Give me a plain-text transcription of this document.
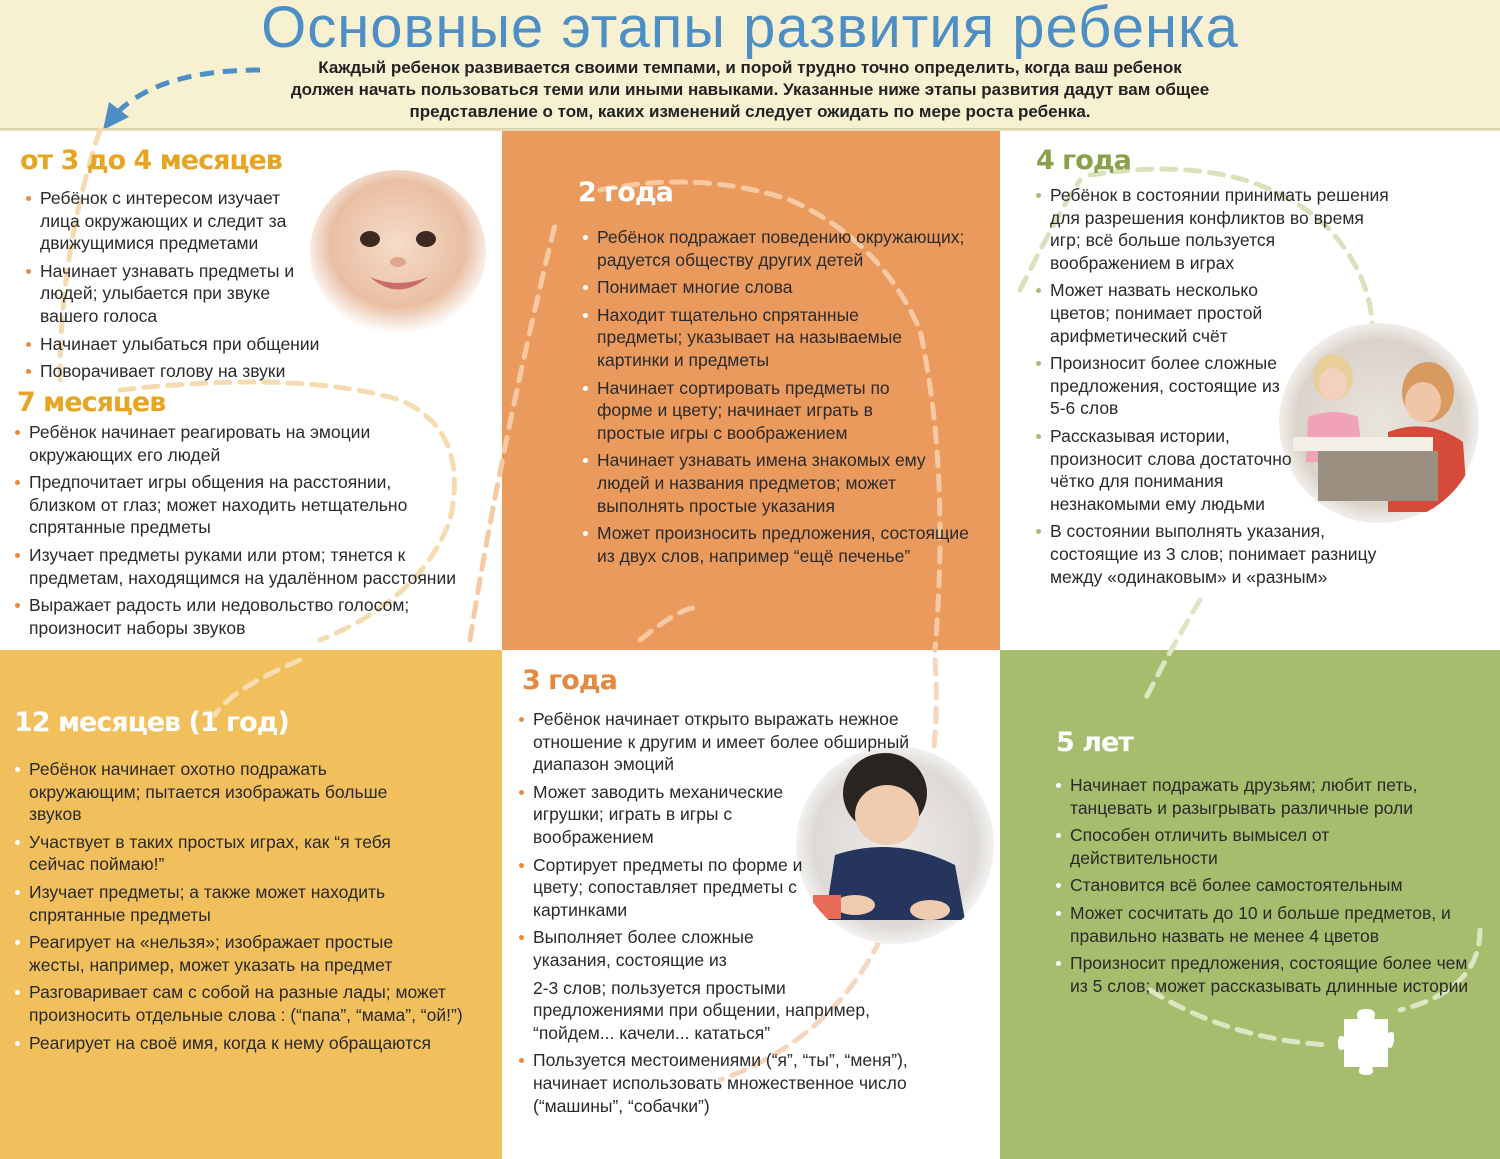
Основные этапы развития ребенка
Каждый ребенок развивается своими темпами, и порой трудно точно определить, когда ваш ребенок
должен начать пользоваться теми или иными навыками. Указанные ниже этапы развития дадут вам общее
представление о том, каких изменений следует ожидать по мере роста ребенка.
от 3 до 4 месяцев
7 месяцев
2 года
4 года
12 месяцев (1 год)
3 года
5 лет
Ребёнок с интересом изучает лица окружающих и следит за движущимися предметами
Начинает узнавать предметы и людей; улыбается при звуке вашего голоса
Начинает улыбаться при общении
Поворачивает голову на звуки
Ребёнок начинает реагировать на эмоции окружающих его людей
Предпочитает игры общения на расстоянии, близком от глаз; может находить нетщательно спрятанные предметы
Изучает предметы руками или ртом; тянется к предметам, находящимся на удалённом расстоянии
Выражает радость или недовольство голосом; произносит наборы звуков
Ребёнок подражает поведению окружающих; радуется обществу других детей
Понимает многие слова
Находит тщательно спрятанные предметы; указывает на называемые картинки и предметы
Начинает сортировать предметы по форме и цвету; начинает играть в простые игры с воображением
Начинает узнавать имена знакомых ему людей и названия предметов; может выполнять простые указания
Может произносить предложения, состоящие из двух слов, например “ещё печенье”
Ребёнок в состоянии принимать решения для разрешения конфликтов во время игр; всё больше пользуется воображением в играх
Может назвать несколько цветов; понимает простой арифметический счёт
Произносит более сложные предложения, состоящие из 5-6 слов
Рассказывая истории, произносит слова достаточно чётко для понимания незнакомыми ему людьми
В состоянии выполнять указания, состоящие из 3 слов; понимает разницу между «одинаковым» и «разным»
Ребёнок начинает охотно подражать окружающим; пытается изображать больше звуков
Участвует в таких простых играх, как “я тебя сейчас поймаю!”
Изучает предметы; а также может находить спрятанные предметы
Реагирует на «нельзя»; изображает простые жесты, например, может указать на предмет
Разговаривает сам с собой на разные лады; может произносить отдельные слова : (“папа”, “мама”, “ой!”)
Реагирует на своё имя, когда к нему обращаются
Ребёнок начинает открыто выражать нежное отношение к другим и имеет более обширный диапазон эмоций
Может заводить механические игрушки; играть в игры с воображением
Сортирует предметы по форме и цвету; сопоставляет предметы с картинками
Выполняет более сложные указания, состоящие из
2-3 слов; пользуется простыми предложениями при общении, например, “пойдем... качели... кататься”
Пользуется местоимениями (“я”, “ты”, “меня”), начинает использовать множественное число (“машины”, “собачки”)
Начинает подражать друзьям; любит петь, танцевать и разыгрывать различные роли
Способен отличить вымысел от действительности
Становится всё более самостоятельным
Может сосчитать до 10 и больше предметов, и правильно назвать не менее 4 цветов
Произносит предложения, состоящие более чем из 5 слов; может рассказывать длинные истории
